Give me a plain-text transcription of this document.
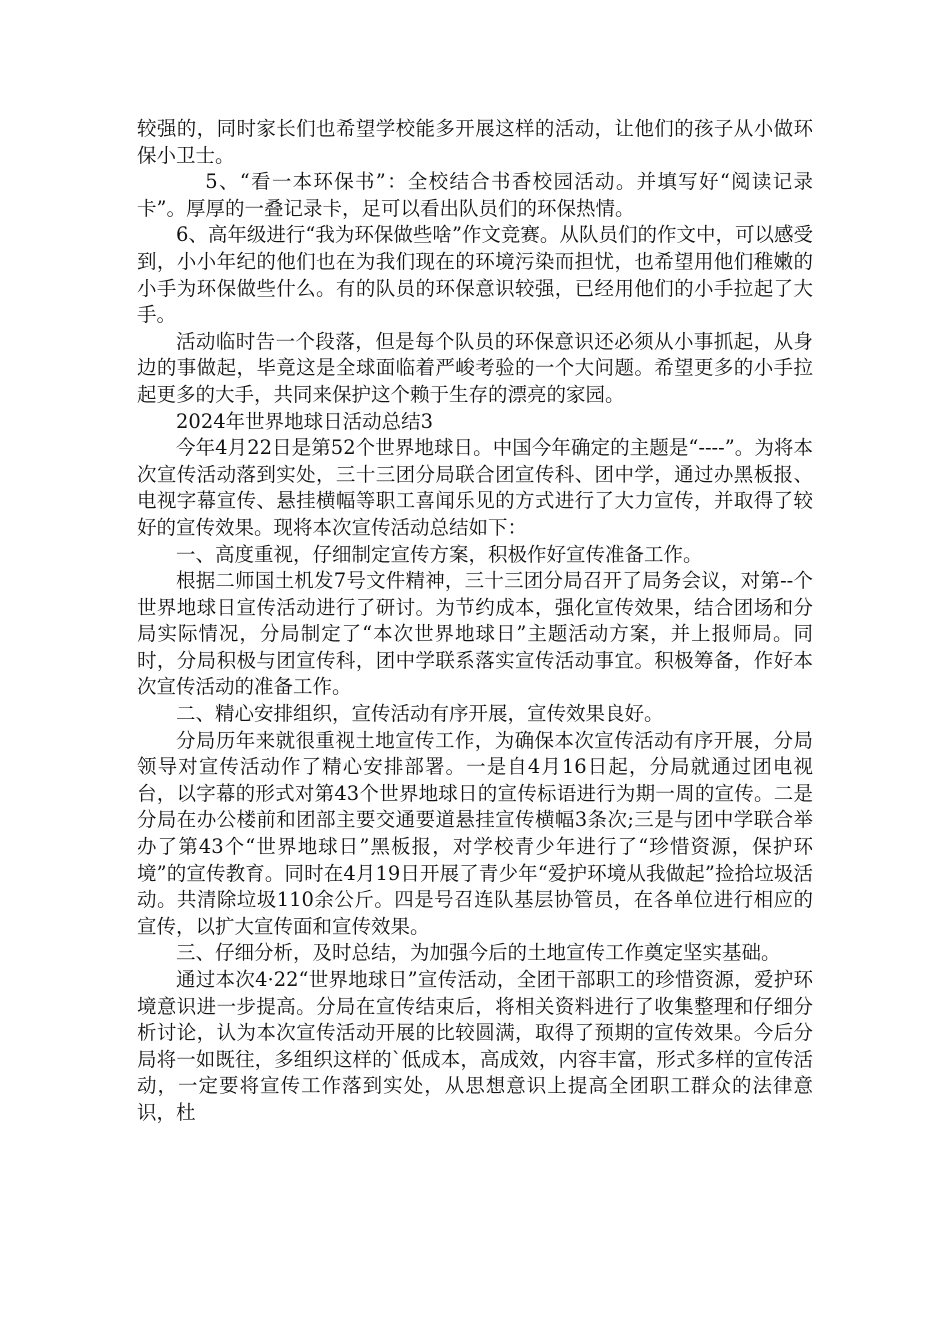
较强的，同时家长们也希望学校能多开展这样的活动，让他们的孩子从小做环保小卫士。

5、“看一本环保书”：全校结合书香校园活动。并填写好“阅读记录卡”。厚厚的一叠记录卡，足可以看出队员们的环保热情。

6、高年级进行“我为环保做些啥”作文竞赛。从队员们的作文中，可以感受到，小小年纪的他们也在为我们现在的环境污染而担忧，也希望用他们稚嫩的小手为环保做些什么。有的队员的环保意识较强，已经用他们的小手拉起了大手。

活动临时告一个段落，但是每个队员的环保意识还必须从小事抓起，从身边的事做起，毕竟这是全球面临着严峻考验的一个大问题。希望更多的小手拉起更多的大手，共同来保护这个赖于生存的漂亮的家园。

2024年世界地球日活动总结3

今年4月22日是第52个世界地球日。中国今年确定的主题是“----”。为将本次宣传活动落到实处，三十三团分局联合团宣传科、团中学，通过办黑板报、电视字幕宣传、悬挂横幅等职工喜闻乐见的方式进行了大力宣传，并取得了较好的宣传效果。现将本次宣传活动总结如下：

一、高度重视，仔细制定宣传方案，积极作好宣传准备工作。

根据二师国土机发7号文件精神，三十三团分局召开了局务会议，对第--个世界地球日宣传活动进行了研讨。为节约成本，强化宣传效果，结合团场和分局实际情况，分局制定了“本次世界地球日”主题活动方案，并上报师局。同时，分局积极与团宣传科，团中学联系落实宣传活动事宜。积极筹备，作好本次宣传活动的准备工作。

二、精心安排组织，宣传活动有序开展，宣传效果良好。

分局历年来就很重视土地宣传工作，为确保本次宣传活动有序开展，分局领导对宣传活动作了精心安排部署。一是自4月16日起，分局就通过团电视台，以字幕的形式对第43个世界地球日的宣传标语进行为期一周的宣传。二是分局在办公楼前和团部主要交通要道悬挂宣传横幅3条次;三是与团中学联合举办了第43个“世界地球日”黑板报，对学校青少年进行了“珍惜资源，保护环境”的宣传教育。同时在4月19日开展了青少年“爱护环境从我做起”捡拾垃圾活动。共清除垃圾110余公斤。四是号召连队基层协管员，在各单位进行相应的宣传，以扩大宣传面和宣传效果。

三、仔细分析，及时总结，为加强今后的土地宣传工作奠定坚实基础。

通过本次4·22“世界地球日”宣传活动，全团干部职工的珍惜资源，爱护环境意识进一步提高。分局在宣传结束后，将相关资料进行了收集整理和仔细分析讨论，认为本次宣传活动开展的比较圆满，取得了预期的宣传效果。今后分局将一如既往，多组织这样的`低成本，高成效，内容丰富，形式多样的宣传活动，一定要将宣传工作落到实处，从思想意识上提高全团职工群众的法律意识，杜
